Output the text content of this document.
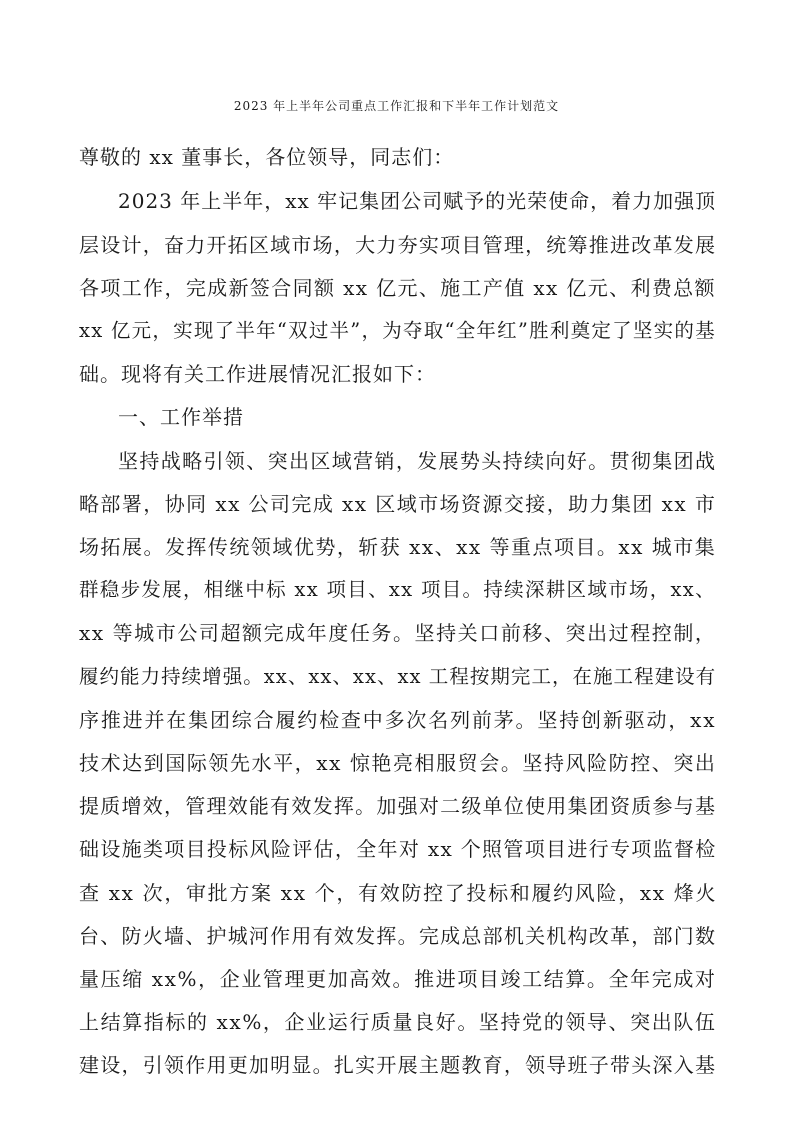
2023 年上半年公司重点工作汇报和下半年工作计划范文
尊敬的 xx 董事长，各位领导，同志们：
2023 年上半年，xx 牢记集团公司赋予的光荣使命，着力加强顶
层设计，奋力开拓区域市场，大力夯实项目管理，统筹推进改革发展
各项工作，完成新签合同额 xx 亿元、施工产值 xx 亿元、利费总额
xx 亿元，实现了半年“双过半”，为夺取“全年红”胜利奠定了坚实的基
础。现将有关工作进展情况汇报如下：
一、工作举措
坚持战略引领、突出区域营销，发展势头持续向好。贯彻集团战
略部署，协同 xx 公司完成 xx 区域市场资源交接，助力集团 xx 市
场拓展。发挥传统领域优势，斩获 xx、xx 等重点项目。xx 城市集
群稳步发展，相继中标 xx 项目、xx 项目。持续深耕区域市场，xx、
xx 等城市公司超额完成年度任务。坚持关口前移、突出过程控制，
履约能力持续增强。xx、xx、xx、xx 工程按期完工，在施工程建设有
序推进并在集团综合履约检查中多次名列前茅。坚持创新驱动，xx
技术达到国际领先水平，xx 惊艳亮相服贸会。坚持风险防控、突出
提质增效，管理效能有效发挥。加强对二级单位使用集团资质参与基
础设施类项目投标风险评估，全年对 xx 个照管项目进行专项监督检
查 xx 次，审批方案 xx 个，有效防控了投标和履约风险，xx 烽火
台、防火墙、护城河作用有效发挥。完成总部机关机构改革，部门数
量压缩 xx%，企业管理更加高效。推进项目竣工结算。全年完成对
上结算指标的 xx%，企业运行质量良好。坚持党的领导、突出队伍
建设，引领作用更加明显。扎实开展主题教育，领导班子带头深入基
